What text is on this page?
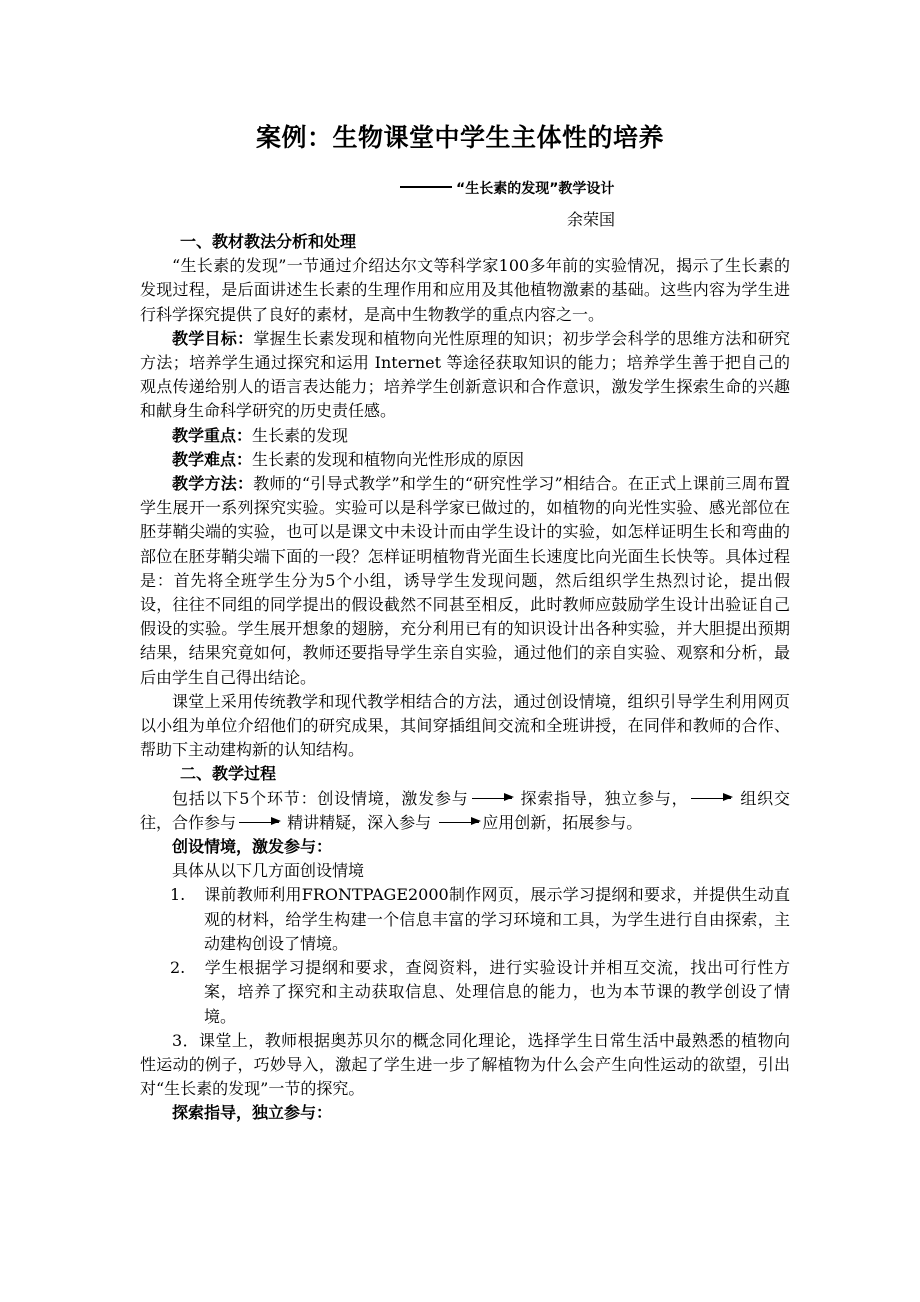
案例：生物课堂中学生主体性的培养
“生长素的发现”教学设计
余荣国

一、教材教法分析和处理

“生长素的发现”一节通过介绍达尔文等科学家100多年前的实验情况，揭示了生长素的发现过程，是后面讲述生长素的生理作用和应用及其他植物激素的基础。这些内容为学生进行科学探究提供了良好的素材，是高中生物教学的重点内容之一。

教学目标：掌握生长素发现和植物向光性原理的知识；初步学会科学的思维方法和研究方法；培养学生通过探究和运用 Internet 等途径获取知识的能力；培养学生善于把自己的观点传递给别人的语言表达能力；培养学生创新意识和合作意识，激发学生探索生命的兴趣和献身生命科学研究的历史责任感。

教学重点：生长素的发现

教学难点：生长素的发现和植物向光性形成的原因

教学方法：教师的“引导式教学”和学生的“研究性学习”相结合。在正式上课前三周布置学生展开一系列探究实验。实验可以是科学家已做过的，如植物的向光性实验、感光部位在胚芽鞘尖端的实验，也可以是课文中未设计而由学生设计的实验，如怎样证明生长和弯曲的部位在胚芽鞘尖端下面的一段？怎样证明植物背光面生长速度比向光面生长快等。具体过程是：首先将全班学生分为5个小组，诱导学生发现问题，然后组织学生热烈讨论，提出假设，往往不同组的同学提出的假设截然不同甚至相反，此时教师应鼓励学生设计出验证自己假设的实验。学生展开想象的翅膀，充分利用已有的知识设计出各种实验，并大胆提出预期结果，结果究竟如何，教师还要指导学生亲自实验，通过他们的亲自实验、观察和分析，最后由学生自己得出结论。

课堂上采用传统教学和现代教学相结合的方法，通过创设情境，组织引导学生利用网页以小组为单位介绍他们的研究成果，其间穿插组间交流和全班讲授，在同伴和教师的合作、帮助下主动建构新的认知结构。

二、教学过程

包括以下5个环节：创设情境，激发参与	探索指导，独立参与，	组织交往，合作参与	精讲精疑，深入参与	应用创新，拓展参与。

创设情境，激发参与：

具体从以下几方面创设情境

1. 课前教师利用FRONTPAGE2000制作网页，展示学习提纲和要求，并提供生动直观的材料，给学生构建一个信息丰富的学习环境和工具，为学生进行自由探索，主动建构创设了情境。

2. 学生根据学习提纲和要求，查阅资料，进行实验设计并相互交流，找出可行性方案，培养了探究和主动获取信息、处理信息的能力，也为本节课的教学创设了情境。

3．课堂上，教师根据奥苏贝尔的概念同化理论，选择学生日常生活中最熟悉的植物向性运动的例子，巧妙导入，激起了学生进一步了解植物为什么会产生向性运动的欲望，引出对“生长素的发现”一节的探究。

探索指导，独立参与：
